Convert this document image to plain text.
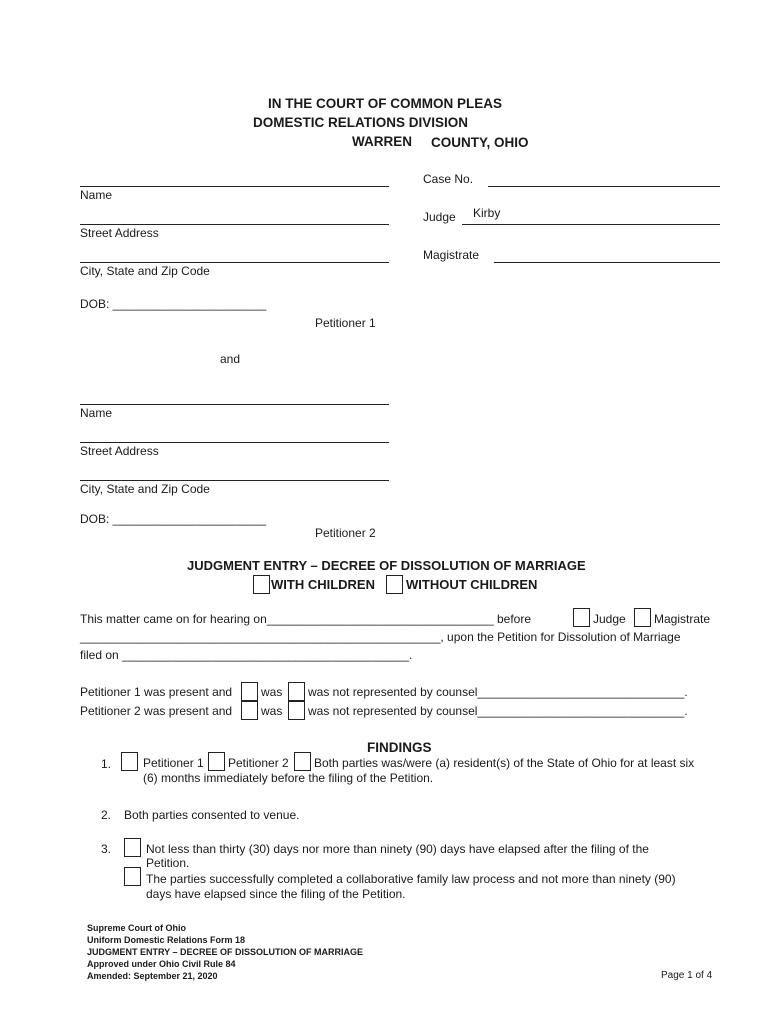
IN THE COURT OF COMMON PLEAS
DOMESTIC RELATIONS DIVISION
WARREN COUNTY, OHIO
Case No.
Judge Kirby
Magistrate
Name
Street Address
City, State and Zip Code
DOB: _______________________
Petitioner 1
and
Name
Street Address
City, State and Zip Code
DOB: _______________________
Petitioner 2
JUDGMENT ENTRY – DECREE OF DISSOLUTION OF MARRIAGE
WITH CHILDREN WITHOUT CHILDREN
This matter came on for hearing on__________________________________ before	Judge Magistrate
______________________________________________________, upon the Petition for Dissolution of Marriage
filed on ___________________________________________.
Petitioner 1 was present and was was not represented by counsel_______________________________.
Petitioner 2 was present and was was not represented by counsel_______________________________.
FINDINGS
1.	Petitioner 1 Petitioner 2 Both parties was/were (a) resident(s) of the State of Ohio for at least six
(6) months immediately before the filing of the Petition.
2. Both parties consented to venue.
3.	Not less than thirty (30) days nor more than ninety (90) days have elapsed after the filing of the
Petition.
The parties successfully completed a collaborative family law process and not more than ninety (90)
days have elapsed since the filing of the Petition.
Supreme Court of Ohio
Uniform Domestic Relations Form 18
JUDGMENT ENTRY – DECREE OF DISSOLUTION OF MARRIAGE
Approved under Ohio Civil Rule 84
Amended: September 21, 2020	Page 1 of 4
